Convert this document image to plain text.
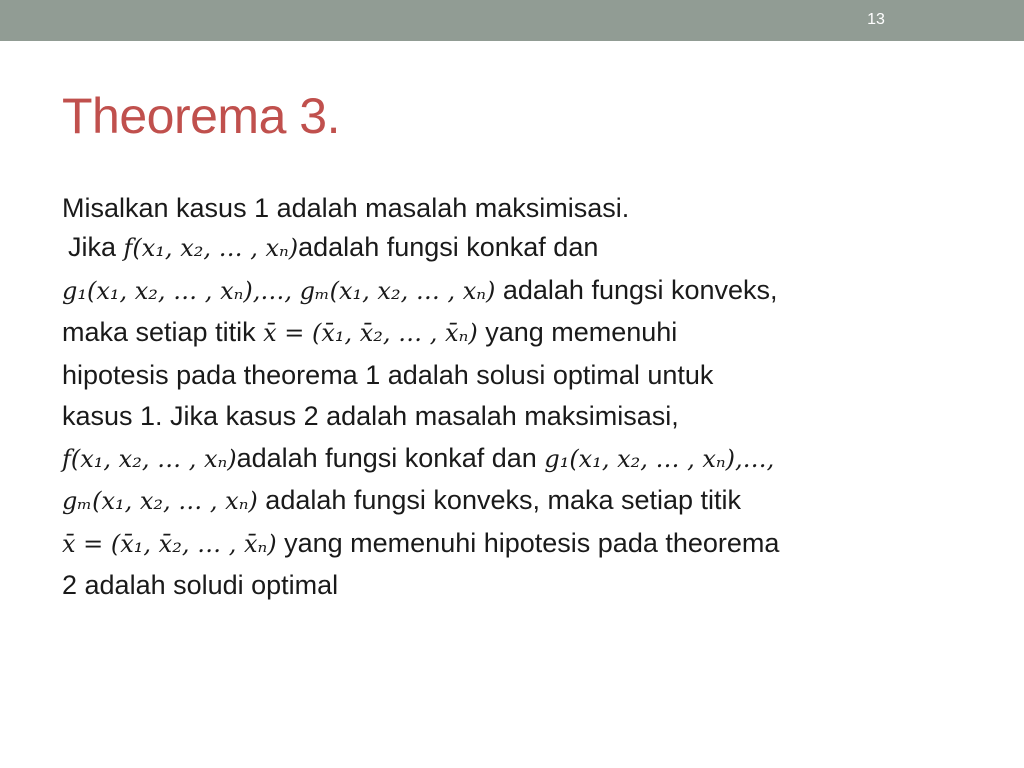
13
Theorema 3.

Misalkan kasus 1 adalah masalah maksimisasi.

Jika 𝑓(𝑥₁, 𝑥₂, … , 𝑥ₙ)adalah fungsi konkaf dan
𝑔₁(𝑥₁, 𝑥₂, … , 𝑥ₙ),…, 𝑔ₘ(𝑥₁, 𝑥₂, … , 𝑥ₙ) adalah fungsi konveks,
maka setiap titik 𝑥̄ = (𝑥̄₁, 𝑥̄₂, … , 𝑥̄ₙ) yang memenuhi
hipotesis pada theorema 1 adalah solusi optimal untuk
kasus 1. Jika kasus 2 adalah masalah maksimisasi,
𝑓(𝑥₁, 𝑥₂, … , 𝑥ₙ)adalah fungsi konkaf dan 𝑔₁(𝑥₁, 𝑥₂, … , 𝑥ₙ),…,
𝑔ₘ(𝑥₁, 𝑥₂, … , 𝑥ₙ) adalah fungsi konveks, maka setiap titik
𝑥̄ = (𝑥̄₁, 𝑥̄₂, … , 𝑥̄ₙ) yang memenuhi hipotesis pada theorema
2 adalah soludi optimal
